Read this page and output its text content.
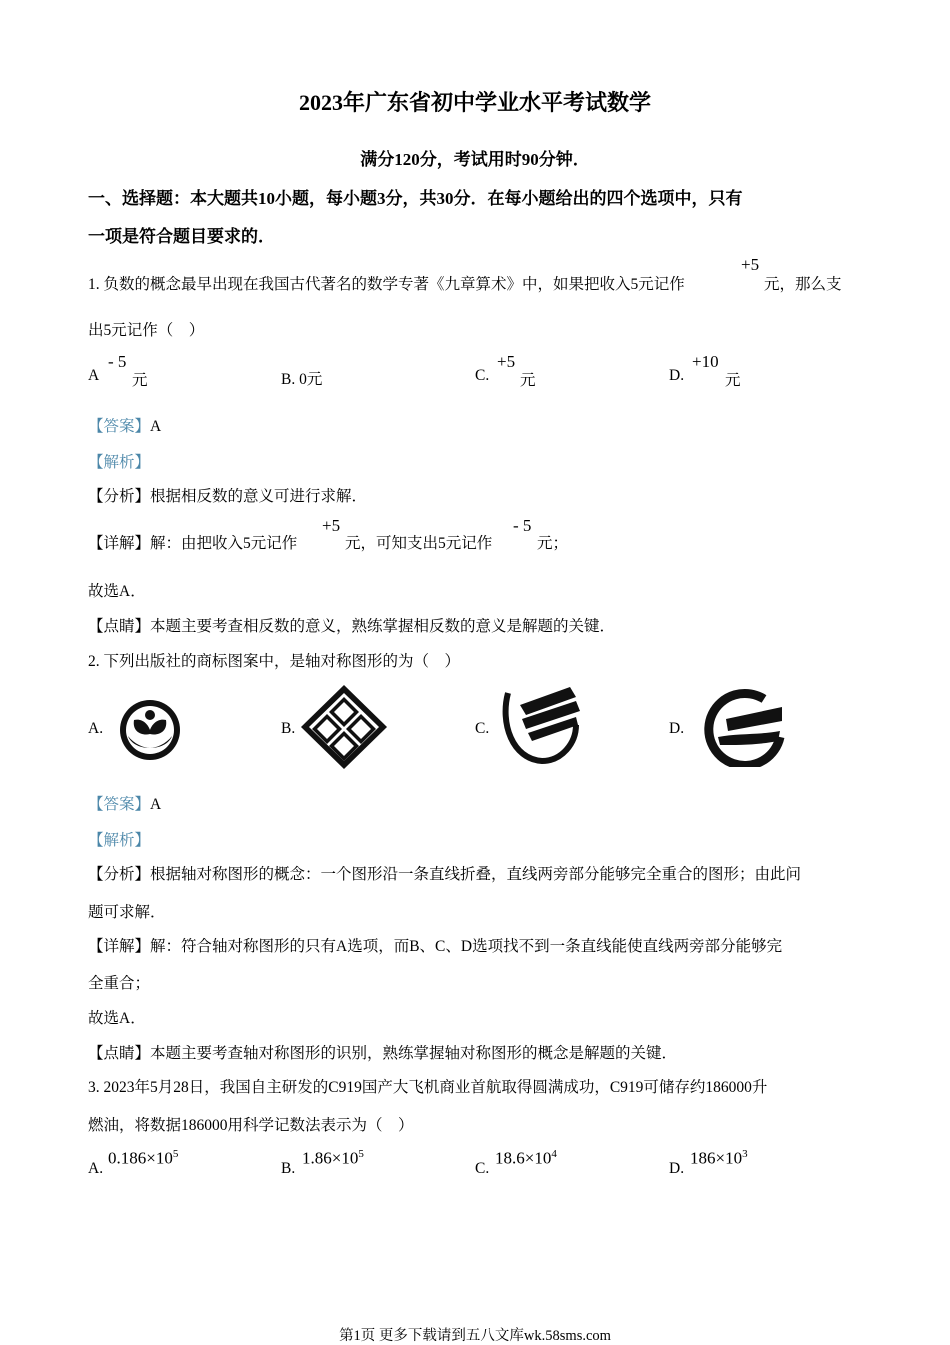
2023年广东省初中学业水平考试数学
满分120分，考试用时90分钟．
一、选择题：本大题共10小题，每小题3分，共30分．在每小题给出的四个选项中，只有
一项是符合题目要求的．
1. 负数的概念最早出现在我国古代著名的数学专著《九章算术》中，如果把收入5元记作
+5
元，那么支
出5元记作（　）
A
- 5
元	B. 0元	C.
+5
元	D.
+10
元
【答案】A
【解析】
【分析】根据相反数的意义可进行求解．
【详解】解：由把收入5元记作
+5
元，可知支出5元记作
- 5
元；
故选A．
【点睛】本题主要考查相反数的意义，熟练掌握相反数的意义是解题的关键．
2. 下列出版社的商标图案中，是轴对称图形的为（　）
A.	B.	C.	D.
【答案】A
【解析】
【分析】根据轴对称图形的概念：一个图形沿一条直线折叠，直线两旁部分能够完全重合的图形；由此问
题可求解．
【详解】解：符合轴对称图形的只有A选项，而B、C、D选项找不到一条直线能使直线两旁部分能够完
全重合；
故选A．
【点睛】本题主要考查轴对称图形的识别，熟练掌握轴对称图形的概念是解题的关键．
3. 2023年5月28日，我国自主研发的C919国产大飞机商业首航取得圆满成功，C919可储存约186000升
燃油，将数据186000用科学记数法表示为（　）
A.
$0.186\times 10^5$
B.
$1.86\times 10^5$
C.
$18.6\times 10^4$
D.
$186\times 10^3$
第1页 更多下载请到五八文库wk.58sms.com
